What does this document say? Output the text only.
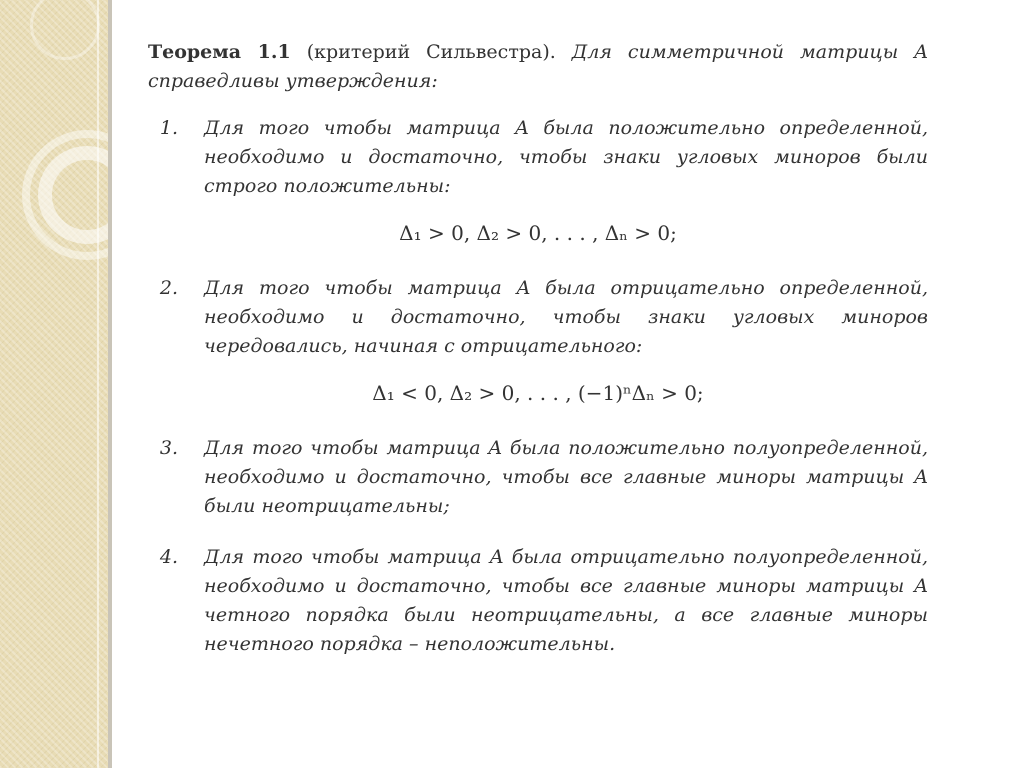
Теорема 1.1 (критерий Сильвестра). Для симметричной матрицы A справедливы утверждения:

1.	Для того чтобы матрица A была положительно определенной, необходимо и достаточно, чтобы знаки угловых миноров были строго положительны:
Δ₁ > 0, Δ₂ > 0, . . . , Δₙ > 0;
2.	Для того чтобы матрица A была отрицательно определенной, необходимо и достаточно, чтобы знаки угловых миноров чередовались, начиная с отрицательного:
Δ₁ < 0, Δ₂ > 0, . . . , (−1)ⁿΔₙ > 0;
3.	Для того чтобы матрица A была положительно полуопределенной, необходимо и достаточно, чтобы все главные миноры матрицы A были неотрицательны;
4.	Для того чтобы матрица A была отрицательно полуопределенной, необходимо и достаточно, чтобы все главные миноры матрицы A четного порядка были неотрицательны, а все главные миноры нечетного порядка – неположительны.
